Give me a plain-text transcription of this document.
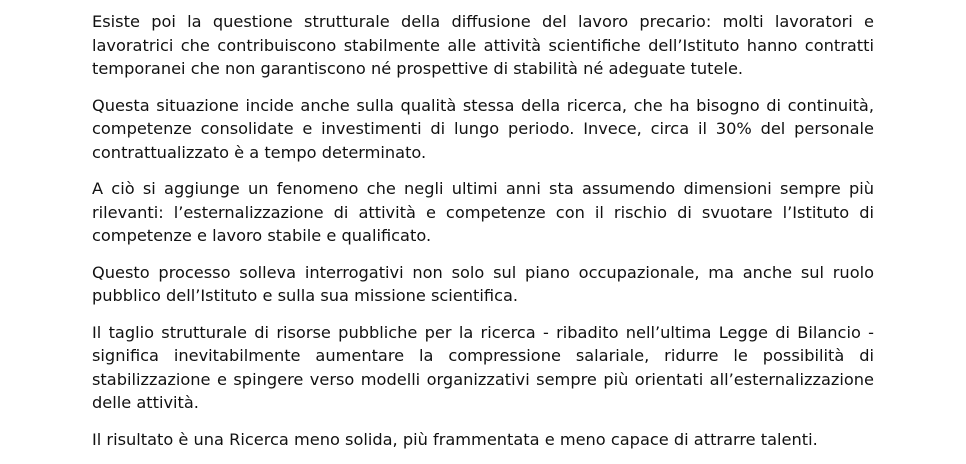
Esiste poi la questione strutturale della diffusione del lavoro precario: molti lavoratori e lavoratrici che contribuiscono stabilmente alle attività scientifiche dell’Istituto hanno contratti temporanei che non garantiscono né prospettive di stabilità né adeguate tutele.

Questa situazione incide anche sulla qualità stessa della ricerca, che ha bisogno di continuità, competenze consolidate e investimenti di lungo periodo. Invece, circa il 30% del personale contrattualizzato è a tempo determinato.

A ciò si aggiunge un fenomeno che negli ultimi anni sta assumendo dimensioni sempre più rilevanti: l’esternalizzazione di attività e competenze con il rischio di svuotare l’Istituto di competenze e lavoro stabile e qualificato.

Questo processo solleva interrogativi non solo sul piano occupazionale, ma anche sul ruolo pubblico dell’Istituto e sulla sua missione scientifica.

Il taglio strutturale di risorse pubbliche per la ricerca - ribadito nell’ultima Legge di Bilancio - significa inevitabilmente aumentare la compressione salariale, ridurre le possibilità di stabilizzazione e spingere verso modelli organizzativi sempre più orientati all’esternalizzazione delle attività.

Il risultato è una Ricerca meno solida, più frammentata e meno capace di attrarre talenti.
